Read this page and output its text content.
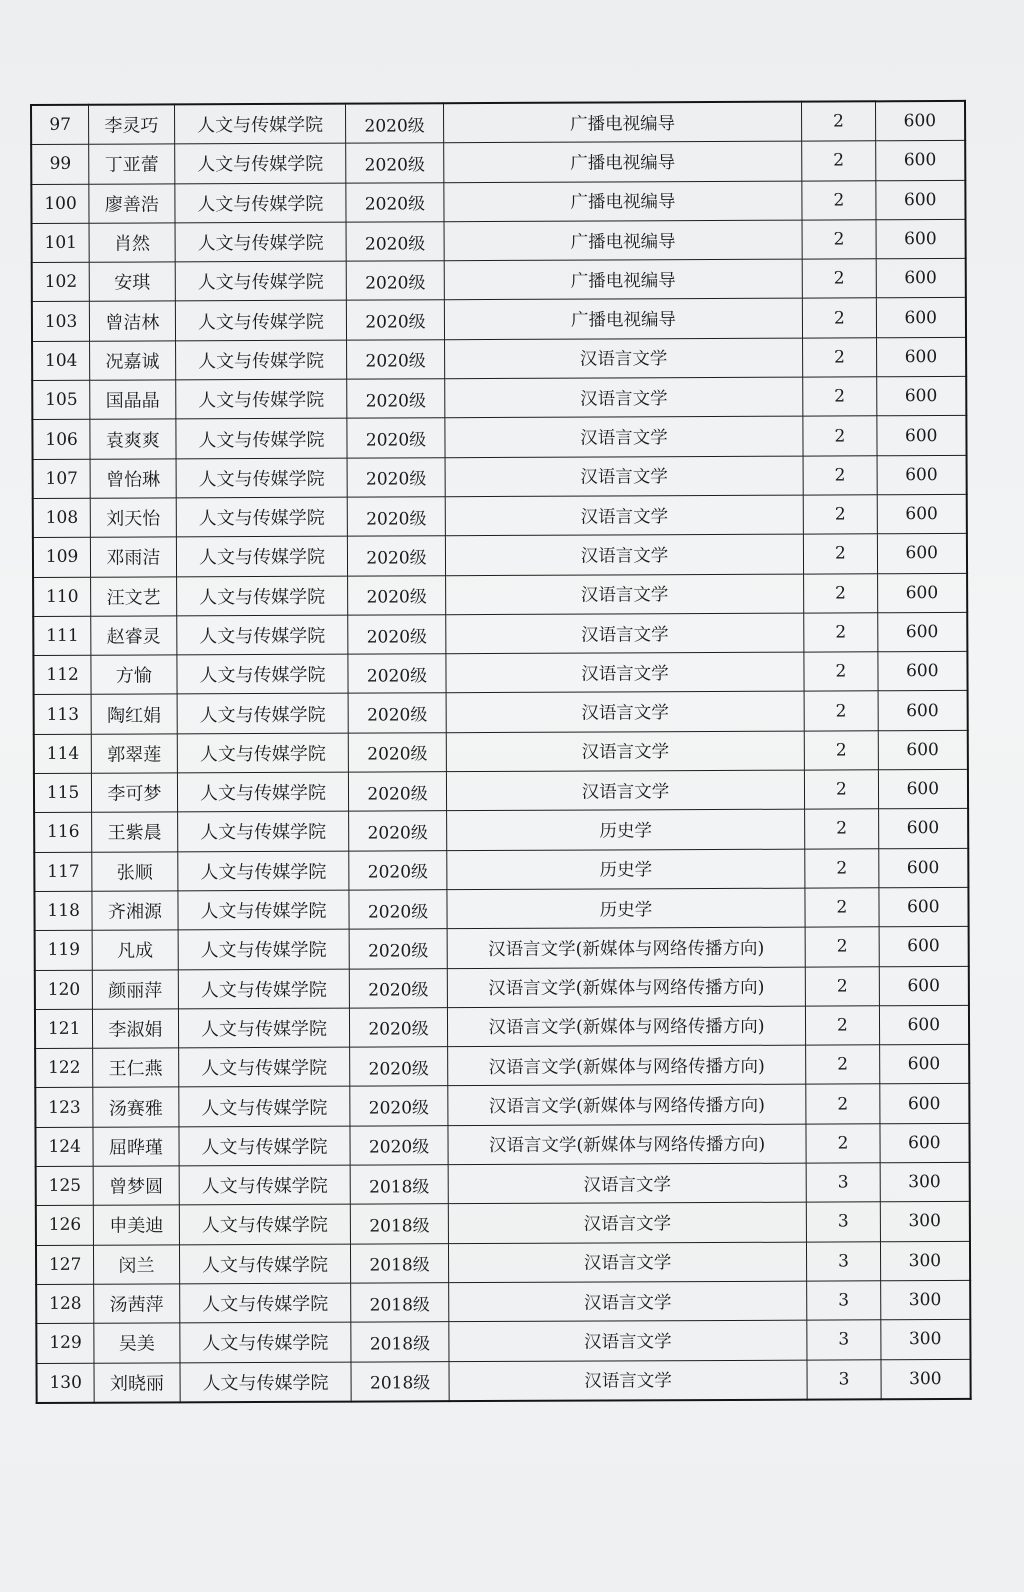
97	李灵巧	人文与传媒学院	2020级	广播电视编导	2	600
99	丁亚蕾	人文与传媒学院	2020级	广播电视编导	2	600
100	廖善浩	人文与传媒学院	2020级	广播电视编导	2	600
101	肖然	人文与传媒学院	2020级	广播电视编导	2	600
102	安琪	人文与传媒学院	2020级	广播电视编导	2	600
103	曾洁林	人文与传媒学院	2020级	广播电视编导	2	600
104	况嘉诚	人文与传媒学院	2020级	汉语言文学	2	600
105	国晶晶	人文与传媒学院	2020级	汉语言文学	2	600
106	袁爽爽	人文与传媒学院	2020级	汉语言文学	2	600
107	曾怡琳	人文与传媒学院	2020级	汉语言文学	2	600
108	刘天怡	人文与传媒学院	2020级	汉语言文学	2	600
109	邓雨洁	人文与传媒学院	2020级	汉语言文学	2	600
110	汪文艺	人文与传媒学院	2020级	汉语言文学	2	600
111	赵睿灵	人文与传媒学院	2020级	汉语言文学	2	600
112	方愉	人文与传媒学院	2020级	汉语言文学	2	600
113	陶红娟	人文与传媒学院	2020级	汉语言文学	2	600
114	郭翠莲	人文与传媒学院	2020级	汉语言文学	2	600
115	李可梦	人文与传媒学院	2020级	汉语言文学	2	600
116	王紫晨	人文与传媒学院	2020级	历史学	2	600
117	张顺	人文与传媒学院	2020级	历史学	2	600
118	齐湘源	人文与传媒学院	2020级	历史学	2	600
119	凡成	人文与传媒学院	2020级	汉语言文学(新媒体与网络传播方向)	2	600
120	颜丽萍	人文与传媒学院	2020级	汉语言文学(新媒体与网络传播方向)	2	600
121	李淑娟	人文与传媒学院	2020级	汉语言文学(新媒体与网络传播方向)	2	600
122	王仁燕	人文与传媒学院	2020级	汉语言文学(新媒体与网络传播方向)	2	600
123	汤赛雅	人文与传媒学院	2020级	汉语言文学(新媒体与网络传播方向)	2	600
124	屈晔瑾	人文与传媒学院	2020级	汉语言文学(新媒体与网络传播方向)	2	600
125	曾梦圆	人文与传媒学院	2018级	汉语言文学	3	300
126	申美迪	人文与传媒学院	2018级	汉语言文学	3	300
127	闵兰	人文与传媒学院	2018级	汉语言文学	3	300
128	汤茜萍	人文与传媒学院	2018级	汉语言文学	3	300
129	吴美	人文与传媒学院	2018级	汉语言文学	3	300
130	刘晓丽	人文与传媒学院	2018级	汉语言文学	3	300
